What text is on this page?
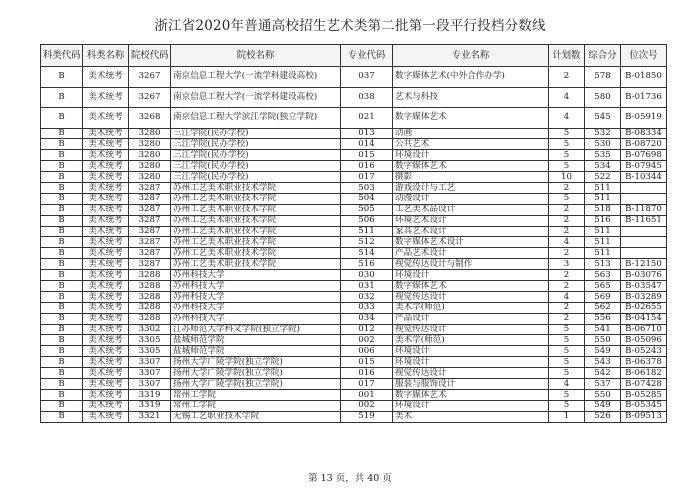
浙江省2020年普通高校招生艺术类第二批第一段平行投档分数线
科类代码	科类名称	院校代码	院校名称	专业代码	专业名称	计划数	综合分	位次号
B	美术统考	3267	南京信息工程大学(一流学科建设高校)	037	数字媒体艺术(中外合作办学)	2	578	B-01850
B	美术统考	3267	南京信息工程大学(一流学科建设高校)	038	艺术与科技	4	580	B-01736
B	美术统考	3268	南京信息工程大学滨江学院(独立学院)	021	数字媒体艺术	4	545	B-05919
B	美术统考	3280	三江学院(民办学校)	013	动画	5	532	B-08334
B	美术统考	3280	三江学院(民办学校)	014	公共艺术	5	530	B-08720
B	美术统考	3280	三江学院(民办学校)	015	环境设计	5	535	B-07698
B	美术统考	3280	三江学院(民办学校)	016	数字媒体艺术	5	534	B-07945
B	美术统考	3280	三江学院(民办学校)	017	摄影	10	522	B-10344
B	美术统考	3287	苏州工艺美术职业技术学院	503	游戏设计与工艺	2	511	
B	美术统考	3287	苏州工艺美术职业技术学院	504	动漫设计	5	511	
B	美术统考	3287	苏州工艺美术职业技术学院	505	工艺美术品设计	2	518	B-11870
B	美术统考	3287	苏州工艺美术职业技术学院	506	环境艺术设计	2	516	B-11651
B	美术统考	3287	苏州工艺美术职业技术学院	511	家具艺术设计	2	511	
B	美术统考	3287	苏州工艺美术职业技术学院	512	数字媒体艺术设计	4	511	
B	美术统考	3287	苏州工艺美术职业技术学院	514	产品艺术设计	2	511	
B	美术统考	3287	苏州工艺美术职业技术学院	516	视觉传达设计与制作	3	513	B-12150
B	美术统考	3288	苏州科技大学	030	环境设计	2	563	B-03076
B	美术统考	3288	苏州科技大学	031	数字媒体艺术	2	565	B-03547
B	美术统考	3288	苏州科技大学	032	视觉传达设计	4	569	B-03289
B	美术统考	3288	苏州科技大学	033	美术学(师范)	2	562	B-02655
B	美术统考	3288	苏州科技大学	034	产品设计	2	556	B-04154
B	美术统考	3302	江苏师范大学科文学院(独立学院)	012	视觉传达设计	5	541	B-06710
B	美术统考	3305	盐城师范学院	002	美术学(师范)	5	550	B-05096
B	美术统考	3305	盐城师范学院	006	环境设计	5	549	B-05243
B	美术统考	3307	扬州大学广陵学院(独立学院)	015	环境设计	5	543	B-06378
B	美术统考	3307	扬州大学广陵学院(独立学院)	016	视觉传达设计	5	542	B-06182
B	美术统考	3307	扬州大学广陵学院(独立学院)	017	服装与服饰设计	4	537	B-07428
B	美术统考	3319	常州工学院	001	数字媒体艺术	5	550	B-05285
B	美术统考	3319	常州工学院	002	环境设计	5	549	B-05345
B	美术统考	3321	无锡工艺职业技术学院	519	美术	1	526	B-09513
第 13 页，共 40 页
